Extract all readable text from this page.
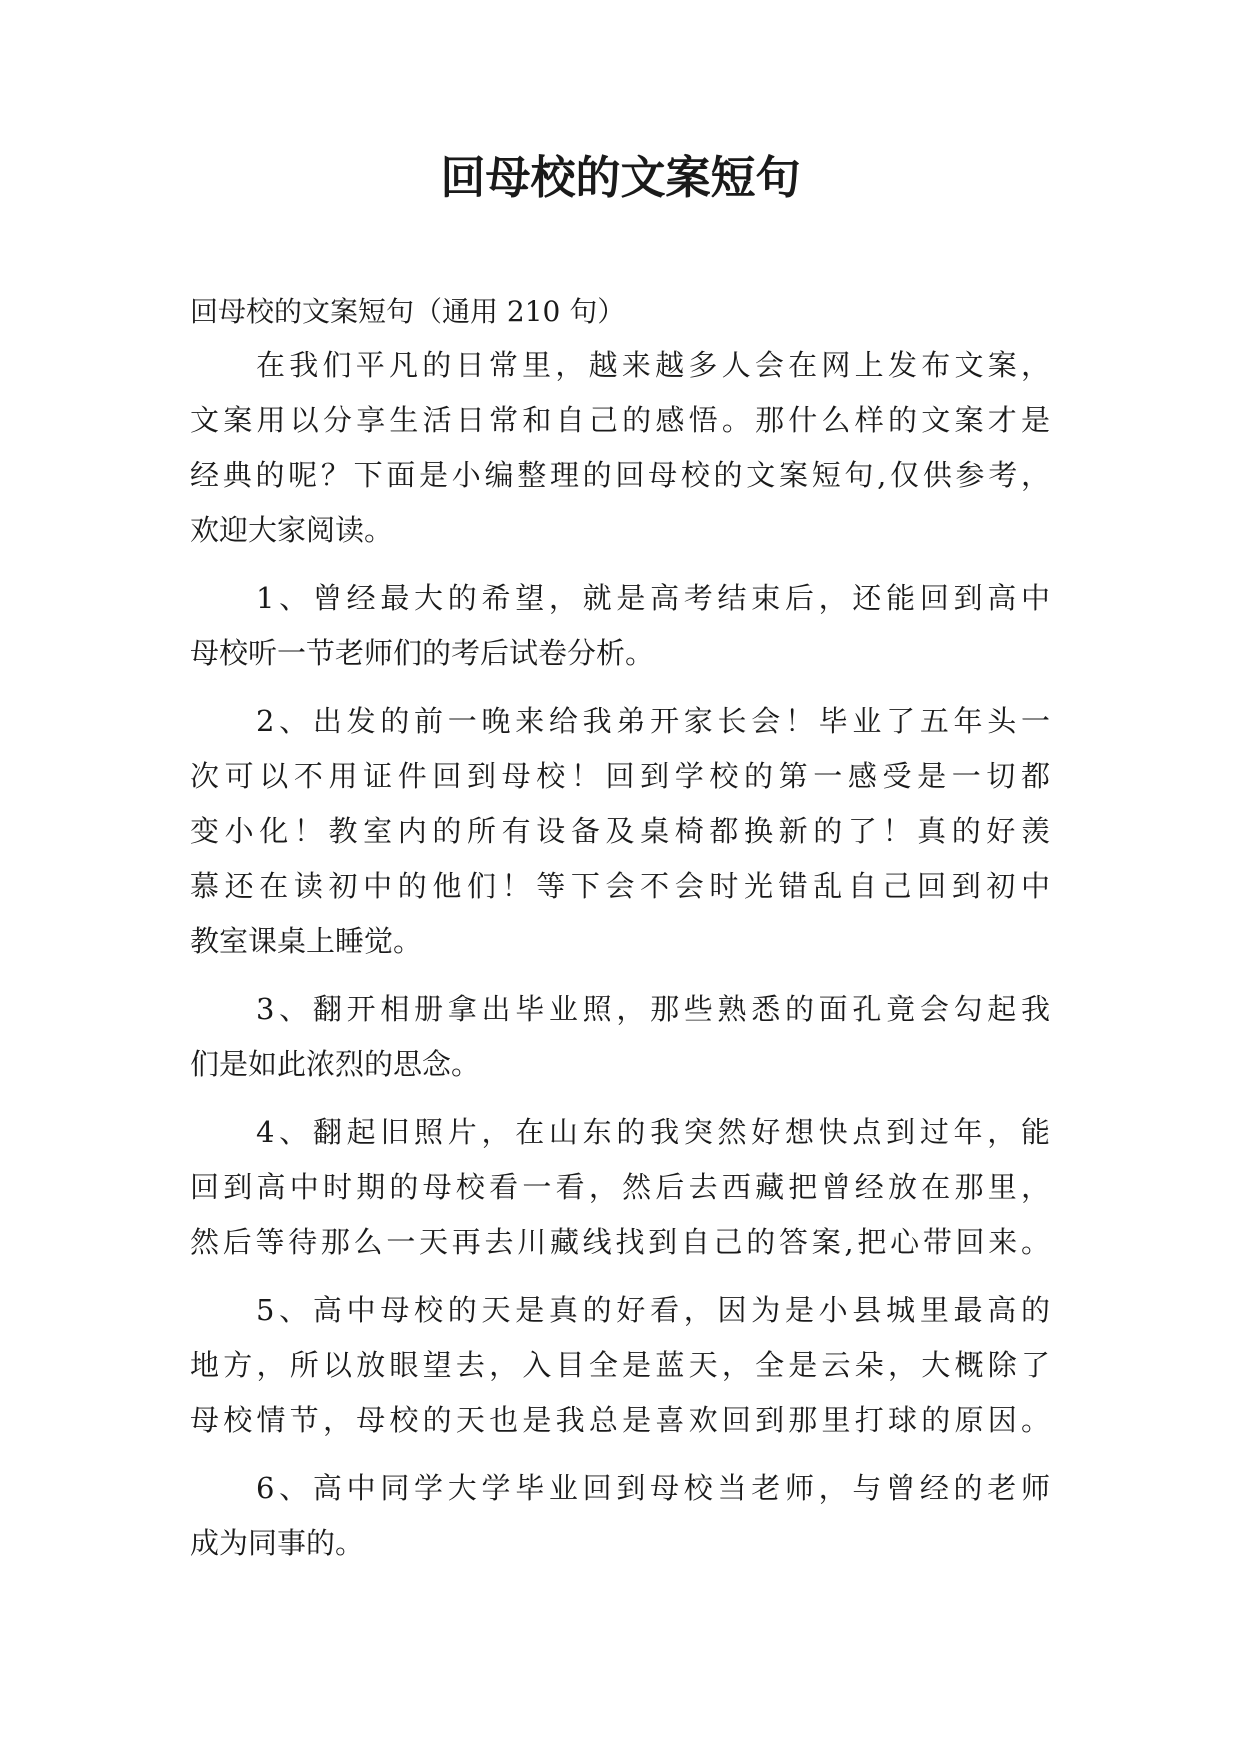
回母校的文案短句

回母校的文案短句（通用 210 句）

在我们平凡的日常里，越来越多人会在网上发布文案，
文案用以分享生活日常和自己的感悟。那什么样的文案才是
经典的呢？下面是小编整理的回母校的文案短句,仅供参考，
欢迎大家阅读。
1、曾经最大的希望，就是高考结束后，还能回到高中
母校听一节老师们的考后试卷分析。
2、出发的前一晚来给我弟开家长会！毕业了五年头一
次可以不用证件回到母校！回到学校的第一感受是一切都
变小化！教室内的所有设备及桌椅都换新的了！真的好羡
慕还在读初中的他们！等下会不会时光错乱自己回到初中
教室课桌上睡觉。
3、翻开相册拿出毕业照，那些熟悉的面孔竟会勾起我
们是如此浓烈的思念。
4、翻起旧照片，在山东的我突然好想快点到过年，能
回到高中时期的母校看一看，然后去西藏把曾经放在那里，
然后等待那么一天再去川藏线找到自己的答案,把心带回来。
5、高中母校的天是真的好看，因为是小县城里最高的
地方，所以放眼望去，入目全是蓝天，全是云朵，大概除了
母校情节，母校的天也是我总是喜欢回到那里打球的原因。
6、高中同学大学毕业回到母校当老师，与曾经的老师
成为同事的。
